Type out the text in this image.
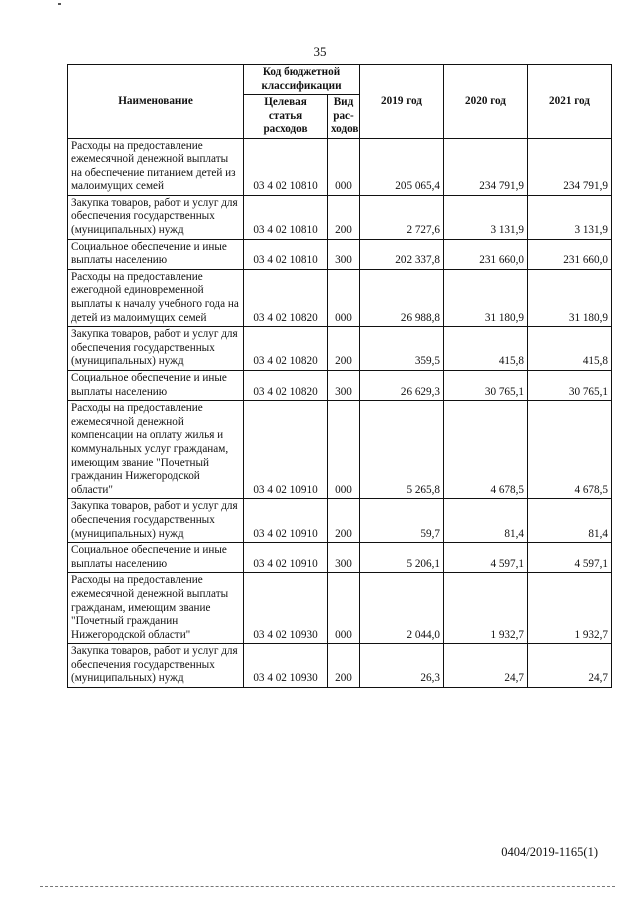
35
Наименование	Код бюджетной классификации		2019 год	2020 год	2021 год
	Целевая статья расходов	Вид рас-ходов			
Расходы на предоставление ежемесячной денежной выплаты на обеспечение питанием детей из малоимущих семей	03 4 02 10810	000	205 065,4	234 791,9	234 791,9
Закупка товаров, работ и услуг для обеспечения государственных (муниципальных) нужд	03 4 02 10810	200	2 727,6	3 131,9	3 131,9
Социальное обеспечение и иные выплаты населению	03 4 02 10810	300	202 337,8	231 660,0	231 660,0
Расходы на предоставление ежегодной единовременной выплаты к началу учебного года на детей из малоимущих семей	03 4 02 10820	000	26 988,8	31 180,9	31 180,9
Закупка товаров, работ и услуг для обеспечения государственных (муниципальных) нужд	03 4 02 10820	200	359,5	415,8	415,8
Социальное обеспечение и иные выплаты населению	03 4 02 10820	300	26 629,3	30 765,1	30 765,1
Расходы на предоставление ежемесячной денежной компенсации на оплату жилья и коммунальных услуг гражданам, имеющим звание "Почетный гражданин Нижегородской области"	03 4 02 10910	000	5 265,8	4 678,5	4 678,5
Закупка товаров, работ и услуг для обеспечения государственных (муниципальных) нужд	03 4 02 10910	200	59,7	81,4	81,4
Социальное обеспечение и иные выплаты населению	03 4 02 10910	300	5 206,1	4 597,1	4 597,1
Расходы на предоставление ежемесячной денежной выплаты гражданам, имеющим звание "Почетный гражданин Нижегородской области"	03 4 02 10930	000	2 044,0	1 932,7	1 932,7
Закупка товаров, работ и услуг для обеспечения государственных (муниципальных) нужд	03 4 02 10930	200	26,3	24,7	24,7
0404/2019-1165(1)
